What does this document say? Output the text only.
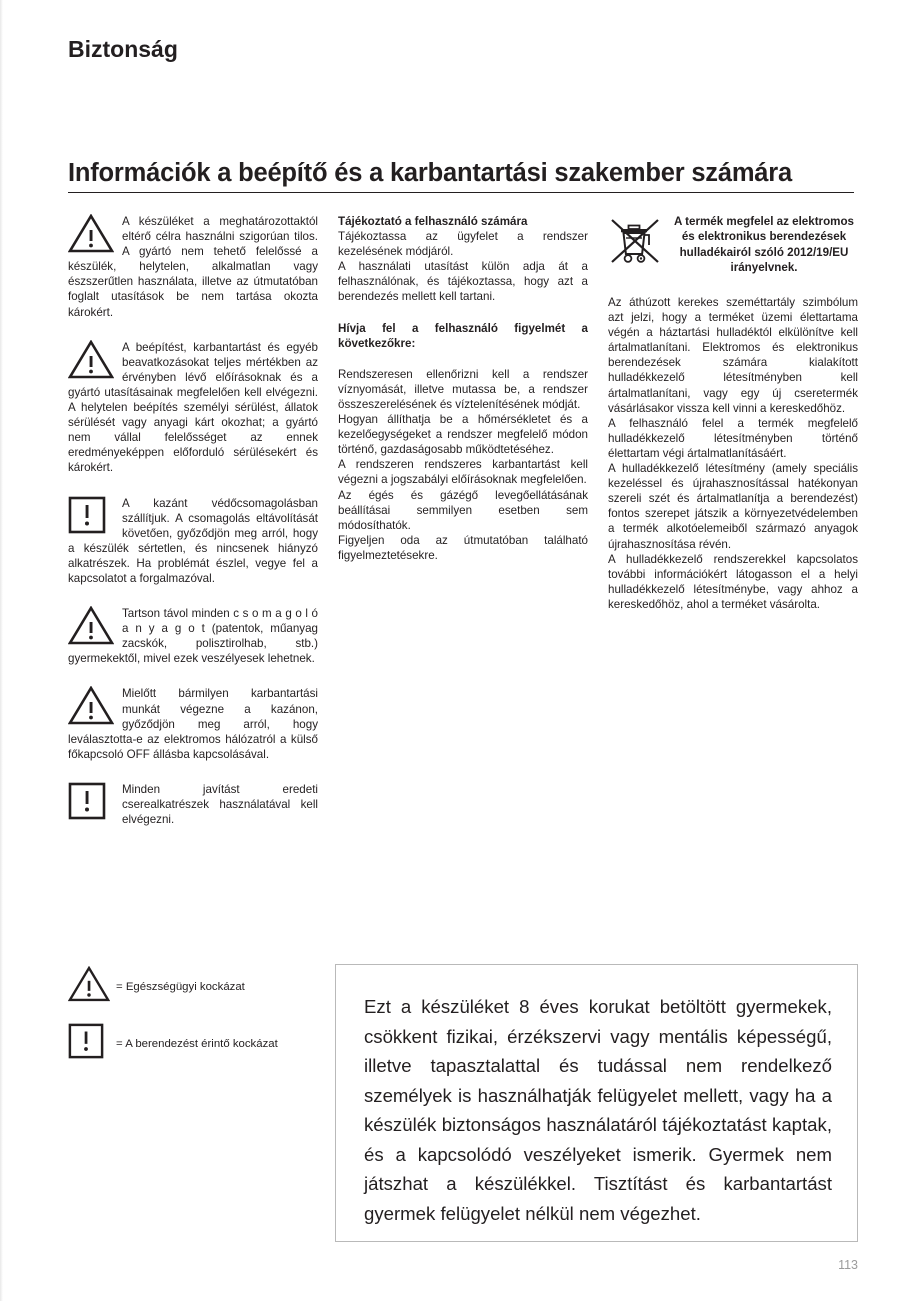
Biztonság
Információk a beépítő és a karbantartási szakember számára

A készüléket a meghatározottaktól eltérő célra használni szigorúan tilos. A gyártó nem tehető felelőssé a készülék, helytelen, alkalmatlan vagy észszerűtlen használata, illetve az útmutatóban foglalt utasítások be nem tartása okozta károkért.

A beépítést, karbantartást és egyéb beavatkozásokat teljes mértékben az érvényben lévő előírásoknak és a gyártó utasításainak megfelelően kell elvégezni. A helytelen beépítés személyi sérülést, állatok sérülését vagy anyagi kárt okozhat; a gyártó nem vállal felelősséget az ennek eredményeképpen előforduló sérülésekért és károkért.

A kazánt védőcsomagolásban szállítjuk. A csomagolás eltávolítását követően, győződjön meg arról, hogy a készülék sértetlen, és nincsenek hiányzó alkatrészek. Ha problémát észlel, vegye fel a kapcsolatot a forgalmazóval.

Tartson távol minden c s o m a g o l ó a n y a g o t (patentok, műanyag zacskók, polisztirolhab, stb.) gyermekektől, mivel ezek veszélyesek lehetnek.

Mielőtt bármilyen karbantartási munkát végezne a kazánon, győződjön meg arról, hogy leválasztotta-e az elektromos hálózatról a külső főkapcsoló OFF állásba kapcsolásával.

Minden javítást eredeti cserealkatrészek használatával kell elvégezni.

Tájékoztató a felhasználó számára

Tájékoztassa az ügyfelet a rendszer kezelésének módjáról.

A használati utasítást külön adja át a felhasználónak, és tájékoztassa, hogy azt a berendezés mellett kell tartani.

Hívja fel a felhasználó figyelmét a következőkre:

Rendszeresen ellenőrizni kell a rendszer víznyomását, illetve mutassa be, a rendszer összeszerelésének és víztelenítésének módját.

Hogyan állíthatja be a hőmérsékletet és a kezelőegységeket a rendszer megfelelő módon történő, gazdaságosabb működtetéséhez.

A rendszeren rendszeres karbantartást kell végezni a jogszabályi előírásoknak megfelelően.

Az égés és gázégő levegőellátásának beállításai semmilyen esetben sem módosíthatók.

Figyeljen oda az útmutatóban található figyelmeztetésekre.

A termék megfelel az elektromos és elektronikus berendezések hulladékairól szóló 2012/19/EU irányelvnek.

Az áthúzott kerekes szeméttartály szimbólum azt jelzi, hogy a terméket üzemi élettartama végén a háztartási hulladéktól elkülönítve kell ártalmatlanítani. Elektromos és elektronikus berendezések számára kialakított hulladékkezelő létesítményben kell ártalmatlanítani, vagy egy új cseretermék vásárlásakor vissza kell vinni a kereskedőhöz.

A felhasználó felel a termék megfelelő hulladékkezelő létesítményben történő élettartam végi ártalmatlanításáért.

A hulladékkezelő létesítmény (amely speciális kezeléssel és újrahasznosítással hatékonyan szereli szét és ártalmatlanítja a berendezést) fontos szerepet játszik a környezetvédelemben a termék alkotóelemeiből származó anyagok újrahasznosítása révén.

A hulladékkezelő rendszerekkel kapcsolatos további információkért látogasson el a helyi hulladékkezelő létesítménybe, vagy ahhoz a kereskedőhöz, ahol a terméket vásárolta.

= Egészségügyi kockázat
= A berendezést érintő kockázat
Ezt a készüléket 8 éves korukat betöltött gyermekek, csökkent fizikai, érzékszervi vagy mentális képességű, illetve tapasztalattal és tudással nem rendelkező személyek is használhatják felügyelet mellett, vagy ha a készülék biztonságos használatáról tájékoztatást kaptak, és a kapcsolódó veszélyeket ismerik. Gyermek nem játszhat a készülékkel. Tisztítást és karbantartást gyermek felügyelet nélkül nem végezhet.
113
